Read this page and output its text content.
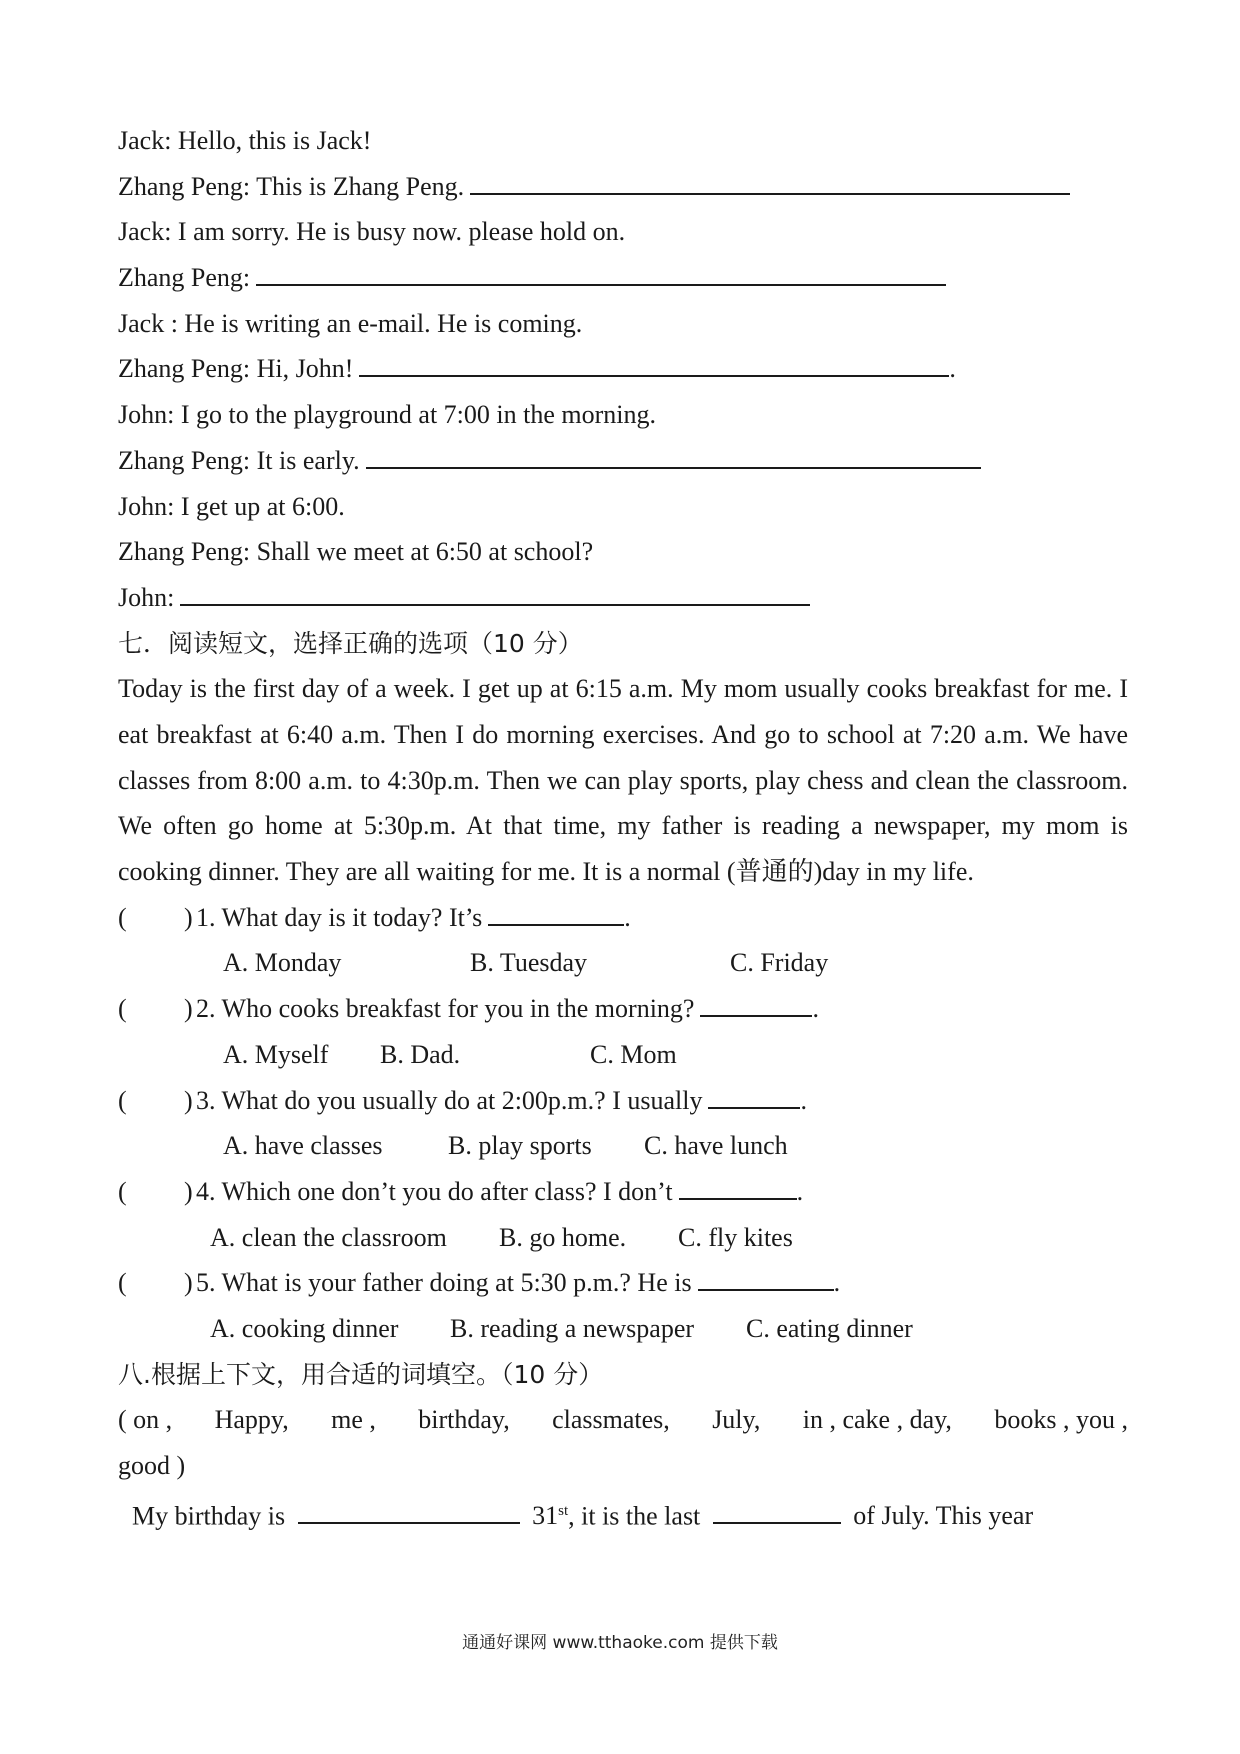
Jack: Hello, this is Jack!
Zhang Peng: This is Zhang Peng.
Jack: I am sorry. He is busy now. please hold on.
Zhang Peng:
Jack : He is writing an e-mail. He is coming.
Zhang Peng: Hi, John!	.
John: I go to the playground at 7:00 in the morning.
Zhang Peng: It is early.
John: I get up at 6:00.
Zhang Peng: Shall we meet at 6:50 at school?
John:
七．阅读短文，选择正确的选项（10 分）
Today is the first day of a week. I get up at 6:15 a.m. My mom usually cooks breakfast for me. I eat breakfast at 6:40 a.m. Then I do morning exercises. And go to school at 7:20 a.m. We have classes from 8:00 a.m. to 4:30p.m. Then we can play sports, play chess and clean the classroom. We often go home at 5:30p.m. At that time, my father is reading a newspaper, my mom is cooking dinner. They are all waiting for me. It is a normal (普通的)day in my life.
( ) 1. What day is it today? It’s	.
A. Monday	B. Tuesday	C. Friday
( ) 2. Who cooks breakfast for you in the morning?	.
A. Myself B. Dad.	C. Mom
( ) 3. What do you usually do at 2:00p.m.? I usually	.
A. have classes	B. play sports C. have lunch
( ) 4. Which one don’t you do after class? I don’t	.
A. clean the classroom B. go home. C. fly kites
( ) 5. What is your father doing at 5:30 p.m.? He is	.
A. cooking dinner B. reading a newspaper C. eating dinner
八.根据上下文，用合适的词填空。（10 分）
( on , Happy, me , birthday, classmates, July, in , cake , day, books , you ,
good )
My birthday is	31st, it is the last	of July. This year
通通好课网 www.tthaoke.com 提供下载
